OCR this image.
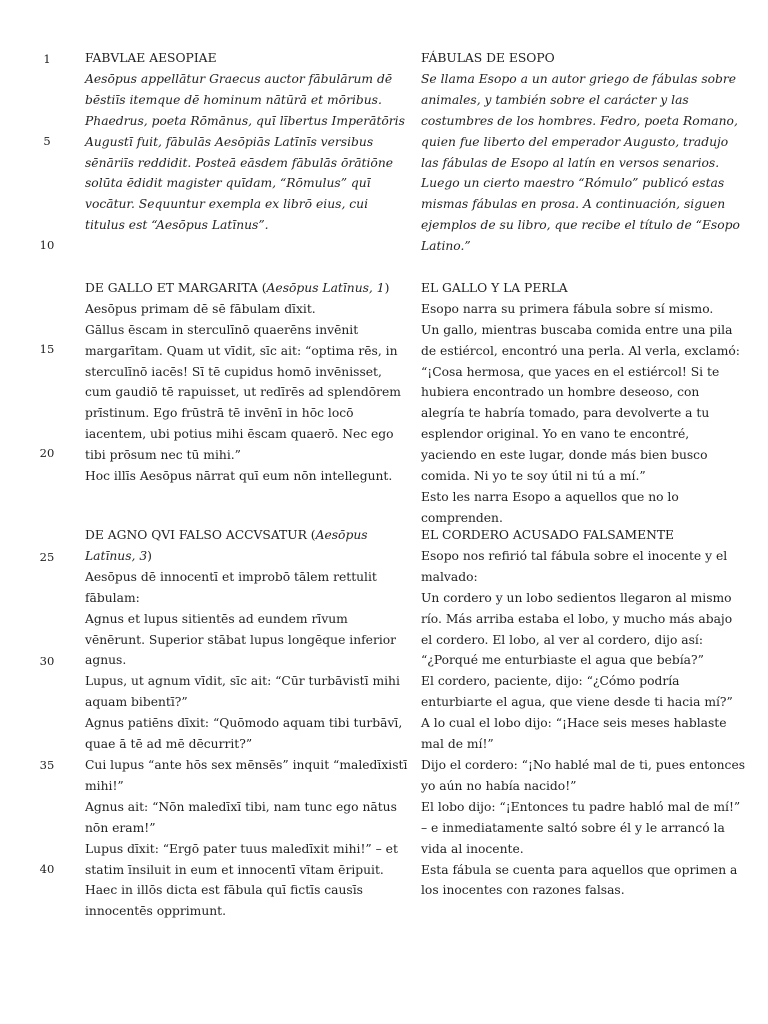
1
5
10
15
20
25
30
35
40

FABVLAE AESOPIAE

Aesōpus appellātur Graecus auctor fābulārum dē bēstiīs itemque dē hominum nātūrā et mōribus. Phaedrus, poeta Rōmānus, quī lībertus Imperātōris Augustī fuit, fābulās Aesōpiās Latīnīs versibus sēnāriīs reddidit. Posteā eāsdem fābulās ōrātiōne solūta ēdidit magister quīdam, “Rōmulus” quī vocātur. Sequuntur exempla ex librō eius, cui titulus est “Aesōpus Latīnus”.

DE GALLO ET MARGARITA (Aesōpus Latīnus, 1)

Aesōpus primam dē sē fābulam dīxit.

Gāllus ēscam in sterculīnō quaerēns invēnit margarītam. Quam ut vīdit, sīc ait: “optima rēs, in sterculīnō iacēs! Sī tē cupidus homō invēnisset, cum gaudiō tē rapuisset, ut redīrēs ad splendōrem prīstinum. Ego frūstrā tē invēnī in hōc locō iacentem, ubi potius mihi ēscam quaerō. Nec ego tibi prōsum nec tū mihi.”

Hoc illīs Aesōpus nārrat quī eum nōn intellegunt.

DE AGNO QVI FALSO ACCVSATUR (Aesōpus Latīnus, 3)

Aesōpus dē innocentī et improbō tālem rettulit fābulam:

Agnus et lupus sitientēs ad eundem rīvum vēnērunt. Superior stābat lupus longēque inferior agnus.

Lupus, ut agnum vīdit, sīc ait: “Cūr turbāvistī mihi aquam bibentī?”

Agnus patiēns dīxit: “Quōmodo aquam tibi turbāvī, quae ā tē ad mē dēcurrit?”

Cui lupus “ante hōs sex mēnsēs” inquit “maledīxistī mihi!”

Agnus ait: “Nōn maledīxī tibi, nam tunc ego nātus nōn eram!”

Lupus dīxit: “Ergō pater tuus maledīxit mihi!” – et statim īnsiluit in eum et innocentī vītam ēripuit.

Haec in illōs dicta est fābula quī fictīs causīs innocentēs opprimunt.

FÁBULAS DE ESOPO

Se llama Esopo a un autor griego de fábulas sobre animales, y también sobre el carácter y las costumbres de los hombres. Fedro, poeta Romano, quien fue liberto del emperador Augusto, tradujo las fábulas de Esopo al latín en versos senarios. Luego un cierto maestro “Rómulo” publicó estas mismas fábulas en prosa. A continuación, siguen ejemplos de su libro, que recibe el título de “Esopo Latino.”

EL GALLO Y LA PERLA

Esopo narra su primera fábula sobre sí mismo.

Un gallo, mientras buscaba comida entre una pila de estiércol, encontró una perla. Al verla, exclamó: “¡Cosa hermosa, que yaces en el estiércol! Si te hubiera encontrado un hombre deseoso, con alegría te habría tomado, para devolverte a tu esplendor original. Yo en vano te encontré, yaciendo en este lugar, donde más bien busco comida. Ni yo te soy útil ni tú a mí.”

Esto les narra Esopo a aquellos que no lo comprenden.

EL CORDERO ACUSADO FALSAMENTE

Esopo nos refirió tal fábula sobre el inocente y el malvado:

Un cordero y un lobo sedientos llegaron al mismo río. Más arriba estaba el lobo, y mucho más abajo el cordero. El lobo, al ver al cordero, dijo así: “¿Porqué me enturbiaste el agua que bebía?”

El cordero, paciente, dijo: “¿Cómo podría enturbiarte el agua, que viene desde ti hacia mí?”

A lo cual el lobo dijo: “¡Hace seis meses hablaste mal de mí!”

Dijo el cordero: “¡No hablé mal de ti, pues entonces yo aún no había nacido!”

El lobo dijo: “¡Entonces tu padre habló mal de mí!” – e inmediatamente saltó sobre él y le arrancó la vida al inocente.

Esta fábula se cuenta para aquellos que oprimen a los inocentes con razones falsas.
